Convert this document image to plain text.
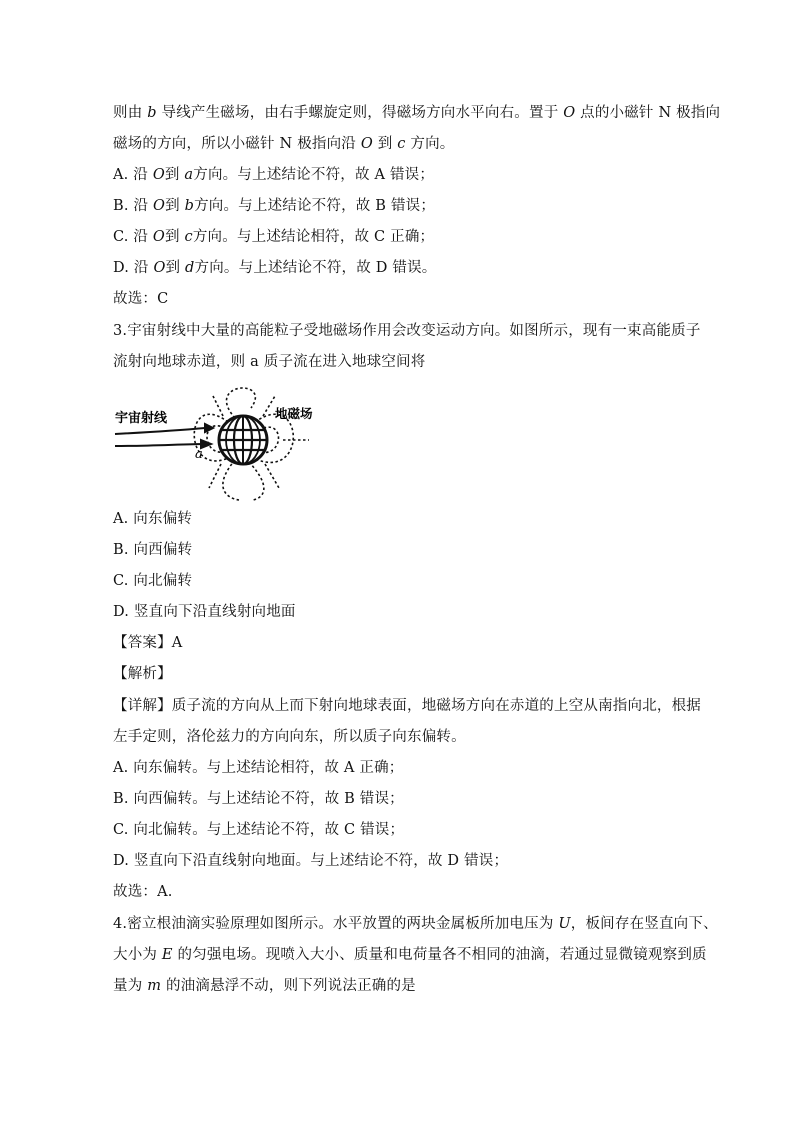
则由 b 导线产生磁场，由右手螺旋定则，得磁场方向水平向右。置于 O 点的小磁针 N 极指向
磁场的方向，所以小磁针 N 极指向沿 O 到 c 方向。
A. 沿 O到 a方向。与上述结论不符，故 A 错误；
B. 沿 O到 b方向。与上述结论不符，故 B 错误；
C. 沿 O到 c方向。与上述结论相符，故 C 正确；
D. 沿 O到 d方向。与上述结论不符，故 D 错误。
故选：C
3.宇宙射线中大量的高能粒子受地磁场作用会改变运动方向。如图所示，现有一束高能质子
流射向地球赤道，则 a 质子流在进入地球空间将
宇宙射线	地磁场
a
A. 向东偏转
B. 向西偏转
C. 向北偏转
D. 竖直向下沿直线射向地面
【答案】A
【解析】
【详解】质子流的方向从上而下射向地球表面，地磁场方向在赤道的上空从南指向北，根据
左手定则，洛伦兹力的方向向东，所以质子向东偏转。
A. 向东偏转。与上述结论相符，故 A 正确；
B. 向西偏转。与上述结论不符，故 B 错误；
C. 向北偏转。与上述结论不符，故 C 错误；
D. 竖直向下沿直线射向地面。与上述结论不符，故 D 错误；
故选：A.
4.密立根油滴实验原理如图所示。水平放置的两块金属板所加电压为 U，板间存在竖直向下、
大小为 E 的匀强电场。现喷入大小、质量和电荷量各不相同的油滴，若通过显微镜观察到质
量为 m 的油滴悬浮不动，则下列说法正确的是
